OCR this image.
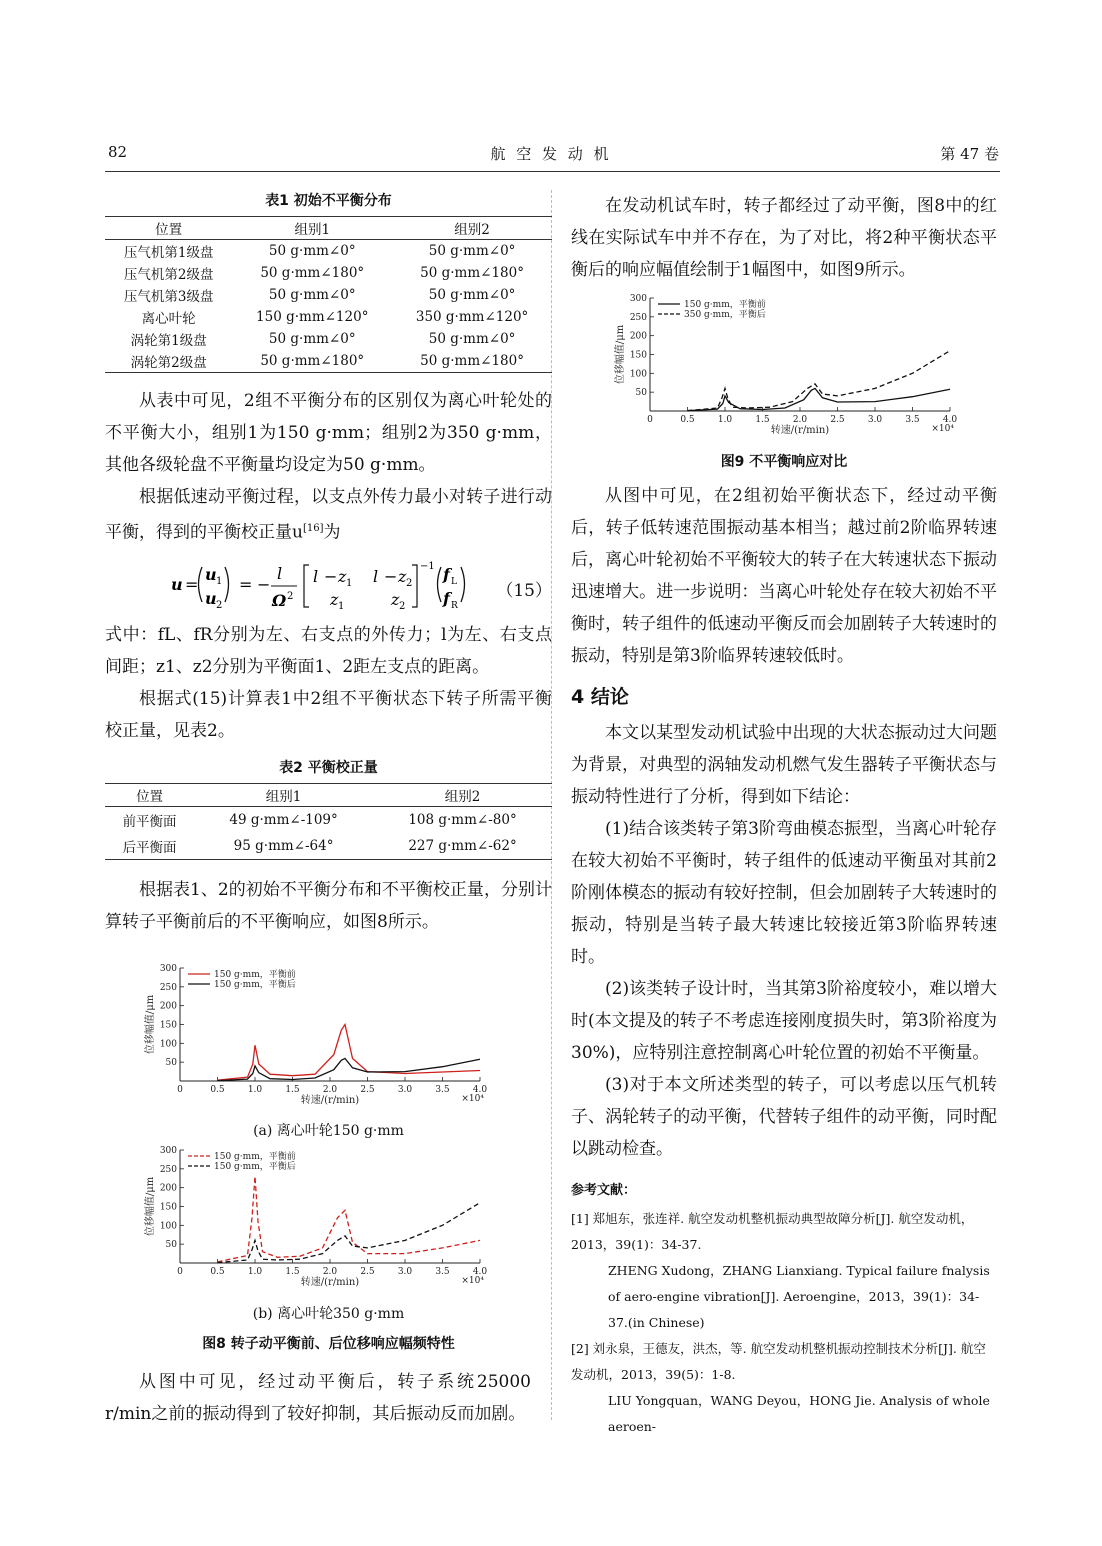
82	航 空 发 动 机	第 47 卷
表1 初始不平衡分布
位置	组别1	组别2
压气机第1级盘	50 g·mm∠0°	50 g·mm∠0°
压气机第2级盘	50 g·mm∠180°	50 g·mm∠180°
压气机第3级盘	50 g·mm∠0°	50 g·mm∠0°
离心叶轮	150 g·mm∠120°	350 g·mm∠120°
涡轮第1级盘	50 g·mm∠0°	50 g·mm∠0°
涡轮第2级盘	50 g·mm∠180°	50 g·mm∠180°

从表中可见，2组不平衡分布的区别仅为离心叶轮处的不平衡大小，组别1为150 g·mm；组别2为350 g·mm，其他各级轮盘不平衡量均设定为50 g·mm。

根据低速动平衡过程，以支点外传力最小对转子进行动平衡，得到的平衡校正量u[16]为

u =
u 1
u 2
= −
l
Ω 2
l − z 1 l − z 2
z 1	z 2
−1 f L
f R
（15）

式中：fL、fR分别为左、右支点的外传力；l为左、右支点间距；z1、z2分别为平衡面1、2距左支点的距离。

根据式(15)计算表1中2组不平衡状态下转子所需平衡校正量，见表2。

表2 平衡校正量
位置	组别1	组别2
前平衡面	49 g·mm∠-109°	108 g·mm∠-80°
后平衡面	95 g·mm∠-64°	227 g·mm∠-62°

根据表1、2的初始不平衡分布和不平衡校正量，分别计算转子平衡前后的不平衡响应，如图8所示。

50
100
150
200
250
300
0	0.5	1.0	1.5	2.0	2.5	3.0	3.5	4.0
×10⁴
转速/(r/min)
位移幅值/μm
150 g·mm，平衡前
150 g·mm，平衡后
(a) 离心叶轮150 g·mm
50
100
150
200
250
300
0	0.5	1.0	1.5	2.0	2.5	3.0	3.5	4.0
×10⁴
转速/(r/min)
位移幅值/μm
150 g·mm，平衡前
150 g·mm，平衡后
(b) 离心叶轮350 g·mm
图8 转子动平衡前、后位移响应幅频特性

从图中可见，经过动平衡后，转子系统25000 r/min之前的振动得到了较好抑制，其后振动反而加剧。

在发动机试车时，转子都经过了动平衡，图8中的红线在实际试车中并不存在，为了对比，将2种平衡状态平衡后的响应幅值绘制于1幅图中，如图9所示。

50
100
150
200
250
300
0	0.5	1.0	1.5	2.0	2.5	3.0	3.5	4.0
×10⁴
转速/(r/min)
位移幅值/μm
150 g·mm，平衡前
350 g·mm，平衡后
图9 不平衡响应对比

从图中可见，在2组初始平衡状态下，经过动平衡后，转子低转速范围振动基本相当；越过前2阶临界转速后，离心叶轮初始不平衡较大的转子在大转速状态下振动迅速增大。进一步说明：当离心叶轮处存在较大初始不平衡时，转子组件的低速动平衡反而会加剧转子大转速时的振动，特别是第3阶临界转速较低时。

4 结论

本文以某型发动机试验中出现的大状态振动过大问题为背景，对典型的涡轴发动机燃气发生器转子平衡状态与振动特性进行了分析，得到如下结论：

(1)结合该类转子第3阶弯曲模态振型，当离心叶轮存在较大初始不平衡时，转子组件的低速动平衡虽对其前2阶刚体模态的振动有较好控制，但会加剧转子大转速时的振动，特别是当转子最大转速比较接近第3阶临界转速时。

(2)该类转子设计时，当其第3阶裕度较小，难以增大时(本文提及的转子不考虑连接刚度损失时，第3阶裕度为30%)，应特别注意控制离心叶轮位置的初始不平衡量。

(3)对于本文所述类型的转子，可以考虑以压气机转子、涡轮转子的动平衡，代替转子组件的动平衡，同时配以跳动检查。

参考文献：

[1] 郑旭东，张连祥. 航空发动机整机振动典型故障分析[J]. 航空发动机，2013，39(1)：34-37.

ZHENG Xudong，ZHANG Lianxiang. Typical failure fnalysis of aero-engine vibration[J]. Aeroengine，2013，39(1)：34-37.(in Chinese)

[2] 刘永泉，王德友，洪杰，等. 航空发动机整机振动控制技术分析[J]. 航空发动机，2013，39(5)：1-8.

LIU Yongquan，WANG Deyou，HONG Jie. Analysis of whole aeroen-
